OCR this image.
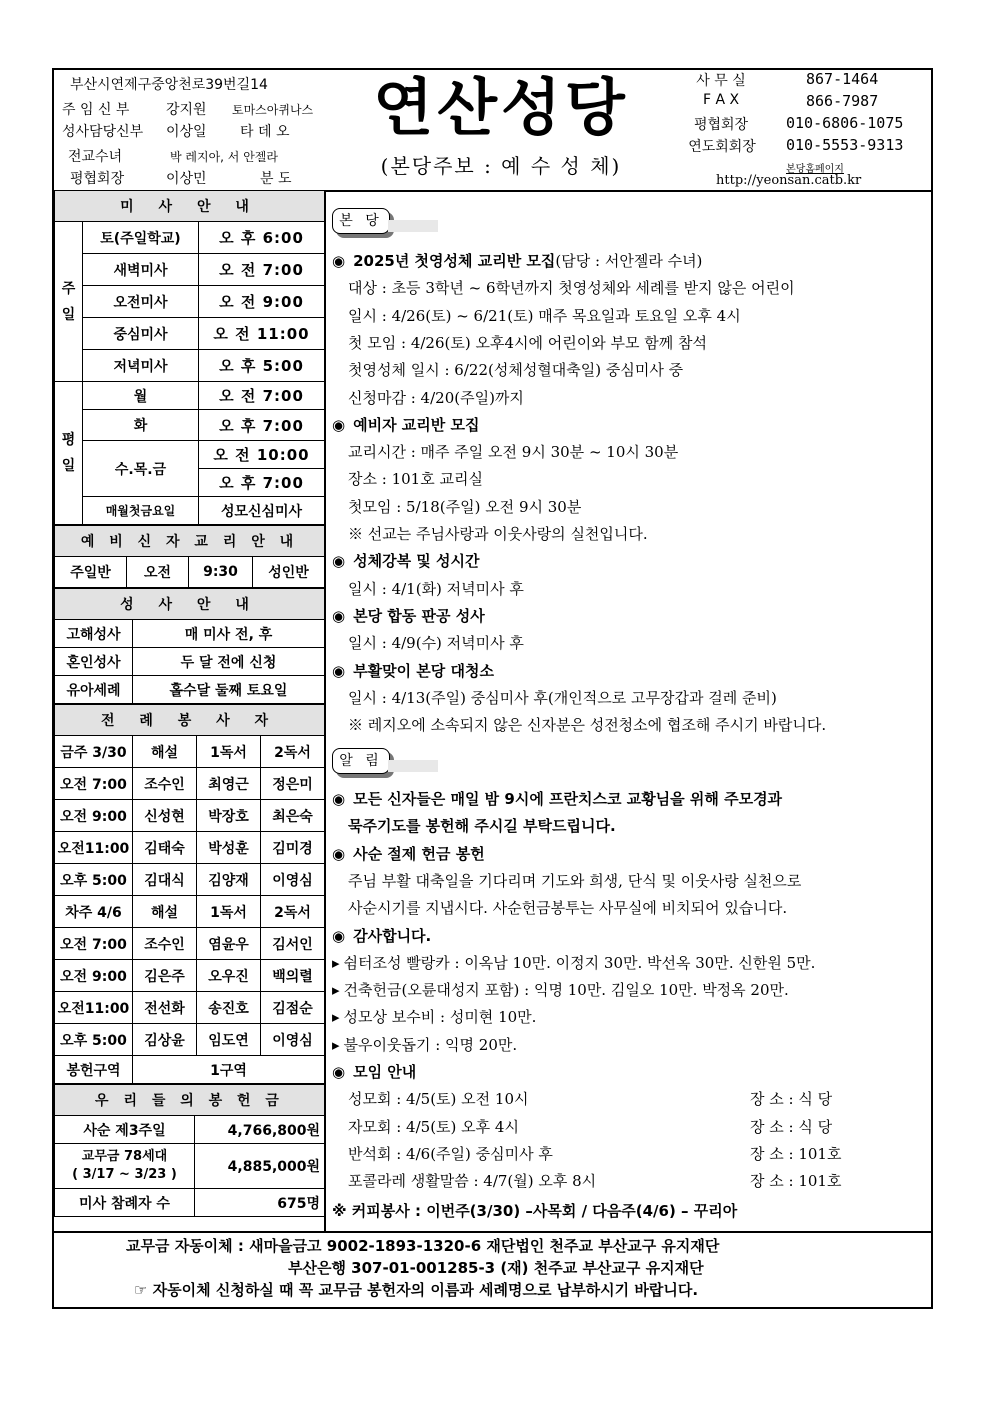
부산시연제구중앙천로39번길14
주 임 신 부	강지원 토마스아퀴나스
성사담당신부 이상일 타 데 오
전교수녀	박 레지아, 서 안젤라
평협회장	이상민	분 도
연산성당
(본당주보 : 예 수 성 체)
사 무 실	867-1464
F A X	866-7987
평협회장	010-6806-1075
연도회회장	010-5553-9313
본당홈페이지
http://yeonsan.catb.kr
미 사 안 내		
주
일	토(주일학교)	오 후 6:00
	새벽미사	오 전 7:00
	오전미사	오 전 9:00
	중심미사	오 전 11:00
	저녁미사	오 후 5:00
평
일	월	오 전 7:00
	화	오 후 7:00
	수.목.금	오 전 10:00
		오 후 7:00
	매월첫금요일	성모신심미사
예 비 신 자 교 리 안 내
주일반	오전	9:30	성인반
성 사 안 내	
고해성사	매 미사 전, 후
혼인성사	두 달 전에 신청
유아세례	홀수달 둘째 토요일
전 례 봉 사 자			
금주 3/30	해설	1독서	2독서
오전 7:00	조수인	최영근	정은미
오전 9:00	신성현	박장호	최은숙
오전11:00	김태숙	박성훈	김미경
오후 5:00	김대식	김양재	이영심
차주 4/6	해설	1독서	2독서
오전 7:00	조수인	염윤우	김서인
오전 9:00	김은주	오우진	백의렬
오전11:00	전선화	송진호	김점순
오후 5:00	김상윤	임도연	이영심
봉헌구역	1구역		
우 리 들 의 봉 헌 금	
사순 제3주일	4,766,800원
교무금 78세대
( 3/17 ~ 3/23 )	4,885,000원
미사 참례자 수	675명
본 당
◉ 2025년 첫영성체 교리반 모집(담당 : 서안젤라 수녀)
대상 : 초등 3학년 ~ 6학년까지 첫영성체와 세례를 받지 않은 어린이
일시 : 4/26(토) ~ 6/21(토) 매주 목요일과 토요일 오후 4시
첫 모임 : 4/26(토) 오후4시에 어린이와 부모 함께 참석
첫영성체 일시 : 6/22(성체성혈대축일) 중심미사 중
신청마감 : 4/20(주일)까지
◉ 예비자 교리반 모집
교리시간 : 매주 주일 오전 9시 30분 ~ 10시 30분
장소 : 101호 교리실
첫모임 : 5/18(주일) 오전 9시 30분
※ 선교는 주님사랑과 이웃사랑의 실천입니다.
◉ 성체강복 및 성시간
일시 : 4/1(화) 저녁미사 후
◉ 본당 합동 판공 성사
일시 : 4/9(수) 저녁미사 후
◉ 부활맞이 본당 대청소
일시 : 4/13(주일) 중심미사 후(개인적으로 고무장갑과 걸레 준비)
※ 레지오에 소속되지 않은 신자분은 성전청소에 협조해 주시기 바랍니다.
알 림
◉ 모든 신자들은 매일 밤 9시에 프란치스코 교황님을 위해 주모경과
묵주기도를 봉헌해 주시길 부탁드립니다.
◉ 사순 절제 헌금 봉헌
주님 부활 대축일을 기다리며 기도와 희생, 단식 및 이웃사랑 실천으로
사순시기를 지냅시다. 사순헌금봉투는 사무실에 비치되어 있습니다.
◉ 감사합니다.
▸ 쉼터조성 빨랑카 : 이옥남 10만. 이정지 30만. 박선옥 30만. 신한원 5만.
▸ 건축헌금(오륜대성지 포함) : 익명 10만. 김일오 10만. 박정옥 20만.
▸ 성모상 보수비 : 성미현 10만.
▸ 불우이웃돕기 : 익명 20만.
◉ 모임 안내
성모회 : 4/5(토) 오전 10시	장 소 : 식 당
자모회 : 4/5(토) 오후 4시	장 소 : 식 당
반석회 : 4/6(주일) 중심미사 후	장 소 : 101호
포콜라레 생활말씀 : 4/7(월) 오후 8시	장 소 : 101호
※ 커피봉사 : 이번주(3/30) –사목회 / 다음주(4/6) – 꾸리아
교무금 자동이체 : 새마을금고 9002-1893-1320-6 재단법인 천주교 부산교구 유지재단
부산은행 307-01-001285-3 (재) 천주교 부산교구 유지재단
☞ 자동이체 신청하실 때 꼭 교무금 봉헌자의 이름과 세례명으로 납부하시기 바랍니다.
